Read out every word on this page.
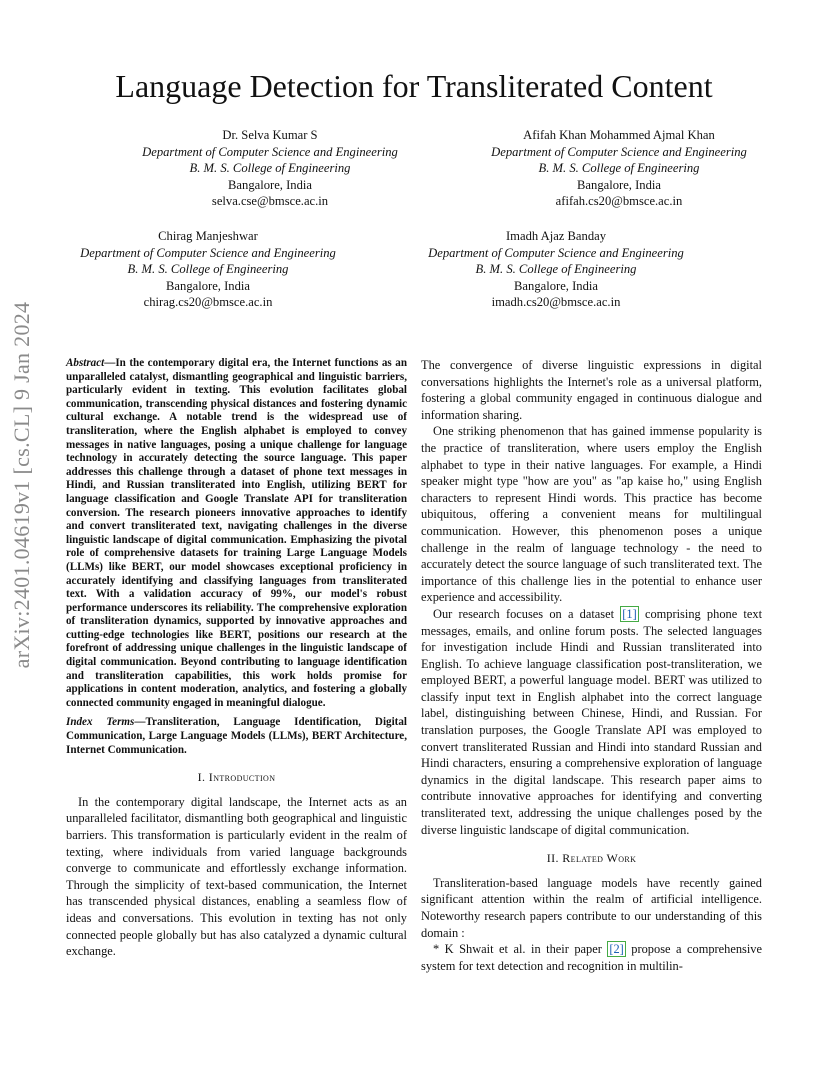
arXiv:2401.04619v1 [cs.CL] 9 Jan 2024
Language Detection for Transliterated Content
Dr. Selva Kumar S
Department of Computer Science and Engineering
B. M. S. College of Engineering
Bangalore, India
selva.cse@bmsce.ac.in
Afifah Khan Mohammed Ajmal Khan
Department of Computer Science and Engineering
B. M. S. College of Engineering
Bangalore, India
afifah.cs20@bmsce.ac.in
Chirag Manjeshwar
Department of Computer Science and Engineering
B. M. S. College of Engineering
Bangalore, India
chirag.cs20@bmsce.ac.in
Imadh Ajaz Banday
Department of Computer Science and Engineering
B. M. S. College of Engineering
Bangalore, India
imadh.cs20@bmsce.ac.in

Abstract—In the contemporary digital era, the Internet functions as an unparalleled catalyst, dismantling geographical and linguistic barriers, particularly evident in texting. This evolution facilitates global communication, transcending physical distances and fostering dynamic cultural exchange. A notable trend is the widespread use of transliteration, where the English alphabet is employed to convey messages in native languages, posing a unique challenge for language technology in accurately detecting the source language. This paper addresses this challenge through a dataset of phone text messages in Hindi, and Russian transliterated into English, utilizing BERT for language classification and Google Translate API for transliteration conversion. The research pioneers innovative approaches to identify and convert transliterated text, navigating challenges in the diverse linguistic landscape of digital communication. Emphasizing the pivotal role of comprehensive datasets for training Large Language Models (LLMs) like BERT, our model showcases exceptional proficiency in accurately identifying and classifying languages from transliterated text. With a validation accuracy of 99%, our model's robust performance underscores its reliability. The comprehensive exploration of transliteration dynamics, supported by innovative approaches and cutting-edge technologies like BERT, positions our research at the forefront of addressing unique challenges in the linguistic landscape of digital communication. Beyond contributing to language identification and transliteration capabilities, this work holds promise for applications in content moderation, analytics, and fostering a globally connected community engaged in meaningful dialogue.

Index Terms—Transliteration, Language Identification, Digital Communication, Large Language Models (LLMs), BERT Architecture, Internet Communication.

I. Introduction

In the contemporary digital landscape, the Internet acts as an unparalleled facilitator, dismantling both geographical and linguistic barriers. This transformation is particularly evident in the realm of texting, where individuals from varied language backgrounds converge to communicate and effortlessly exchange information. Through the simplicity of text-based communication, the Internet has transcended physical distances, enabling a seamless flow of ideas and conversations. This evolution in texting has not only connected people globally but has also catalyzed a dynamic cultural exchange.

The convergence of diverse linguistic expressions in digital conversations highlights the Internet's role as a universal platform, fostering a global community engaged in continuous dialogue and information sharing.

One striking phenomenon that has gained immense popularity is the practice of transliteration, where users employ the English alphabet to type in their native languages. For example, a Hindi speaker might type "how are you" as "ap kaise ho," using English characters to represent Hindi words. This practice has become ubiquitous, offering a convenient means for multilingual communication. However, this phenomenon poses a unique challenge in the realm of language technology - the need to accurately detect the source language of such transliterated text. The importance of this challenge lies in the potential to enhance user experience and accessibility.

Our research focuses on a dataset [1] comprising phone text messages, emails, and online forum posts. The selected languages for investigation include Hindi and Russian transliterated into English. To achieve language classification post-transliteration, we employed BERT, a powerful language model. BERT was utilized to classify input text in English alphabet into the correct language label, distinguishing between Chinese, Hindi, and Russian. For translation purposes, the Google Translate API was employed to convert transliterated Russian and Hindi into standard Russian and Hindi characters, ensuring a comprehensive exploration of language dynamics in the digital landscape. This research paper aims to contribute innovative approaches for identifying and converting transliterated text, addressing the unique challenges posed by the diverse linguistic landscape of digital communication.

II. Related Work

Transliteration-based language models have recently gained significant attention within the realm of artificial intelligence. Noteworthy research papers contribute to our understanding of this domain :

* K Shwait et al. in their paper [2] propose a comprehensive system for text detection and recognition in multilin-
